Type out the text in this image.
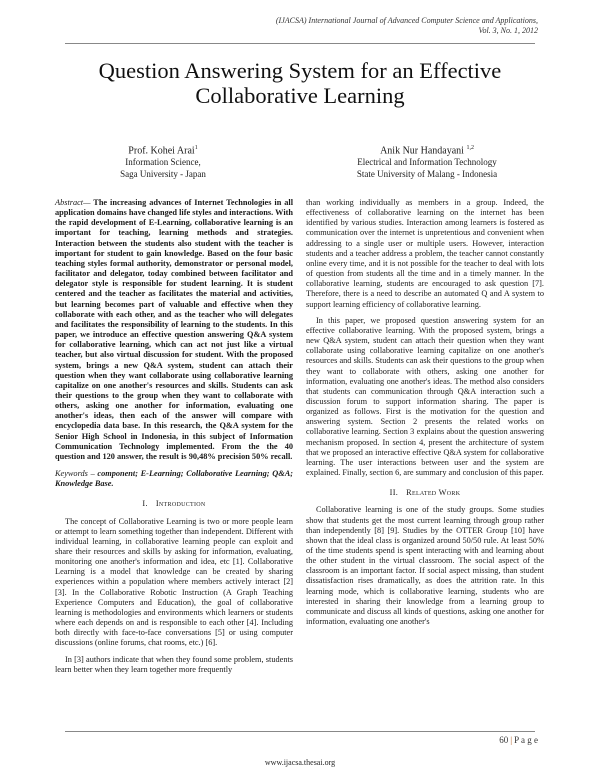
(IJACSA) International Journal of Advanced Computer Science and Applications,
Vol. 3, No. 1, 2012
Question Answering System for an Effective
Collaborative Learning
Prof. Kohei Arai$^1$
Information Science,
Saga University - Japan
Anik Nur Handayani $^{1,2}$
Electrical and Information Technology
State University of Malang - Indonesia

Abstract— The increasing advances of Internet Technologies in all application domains have changed life styles and interactions. With the rapid development of E-Learning, collaborative learning is an important for teaching, learning methods and strategies. Interaction between the students also student with the teacher is important for student to gain knowledge. Based on the four basic teaching styles formal authority, demonstrator or personal model, facilitator and delegator, today combined between facilitator and delegator style is responsible for student learning. It is student centered and the teacher as facilitates the material and activities, but learning becomes part of valuable and effective when they collaborate with each other, and as the teacher who will delegates and facilitates the responsibility of learning to the students. In this paper, we introduce an effective question answering Q&A system for collaborative learning, which can act not just like a virtual teacher, but also virtual discussion for student. With the proposed system, brings a new Q&A system, student can attach their question when they want collaborate using collaborative learning capitalize on one another's resources and skills. Students can ask their questions to the group when they want to collaborate with others, asking one another for information, evaluating one another's ideas, then each of the answer will compare with encyclopedia data base. In this research, the Q&A system for the Senior High School in Indonesia, in this subject of Information Communication Technology implemented. From the the 40 question and 120 answer, the result is 90,48% precision 50% recall.

Keywords – component; E-Learning; Collaborative Learning; Q&A; Knowledge Base.

I. Introduction

The concept of Collaborative Learning is two or more people learn or attempt to learn something together than independent. Different with individual learning, in collaborative learning people can exploit and share their resources and skills by asking for information, evaluating, monitoring one another's information and idea, etc [1]. Collaborative Learning is a model that knowledge can be created by sharing experiences within a population where members actively interact [2] [3]. In the Collaborative Robotic Instruction (A Graph Teaching Experience Computers and Education), the goal of collaborative learning is methodologies and environments which learners or students where each depends on and is responsible to each other [4]. Including both directly with face-to-face conversations [5] or using computer discussions (online forums, chat rooms, etc.) [6].

In [3] authors indicate that when they found some problem, students learn better when they learn together more frequently

than working individually as members in a group. Indeed, the effectiveness of collaborative learning on the internet has been identified by various studies. Interaction among learners is fostered as communication over the internet is unpretentious and convenient when addressing to a single user or multiple users. However, interaction students and a teacher address a problem, the teacher cannot constantly online every time, and it is not possible for the teacher to deal with lots of question from students all the time and in a timely manner. In the collaborative learning, students are encouraged to ask question [7]. Therefore, there is a need to describe an automated Q and A system to support learning efficiency of collaborative learning.

In this paper, we proposed question answering system for an effective collaborative learning. With the proposed system, brings a new Q&A system, student can attach their question when they want collaborate using collaborative learning capitalize on one another's resources and skills. Students can ask their questions to the group when they want to collaborate with others, asking one another for information, evaluating one another's ideas. The method also considers that students can communication through Q&A interaction such a discussion forum to support information sharing. The paper is organized as follows. First is the motivation for the question and answering system. Section 2 presents the related works on collaborative learning. Section 3 explains about the question answering mechanism proposed. In section 4, present the architecture of system that we proposed an interactive effective Q&A system for collaborative learning. The user interactions between user and the system are explained. Finally, section 6, are summary and conclusion of this paper.

II. Related Work

Collaborative learning is one of the study groups. Some studies show that students get the most current learning through group rather than independently [8] [9]. Studies by the OTTER Group [10] have shown that the ideal class is organized around 50/50 rule. At least 50% of the time students spend is spent interacting with and learning about the other student in the virtual classroom. The social aspect of the classroom is an important factor. If social aspect missing, than student dissatisfaction rises dramatically, as does the attrition rate. In this learning mode, which is collaborative learning, students who are interested in sharing their knowledge from a learning group to communicate and discuss all kinds of questions, asking one another for information, evaluating one another's

60 | P a g e
www.ijacsa.thesai.org
